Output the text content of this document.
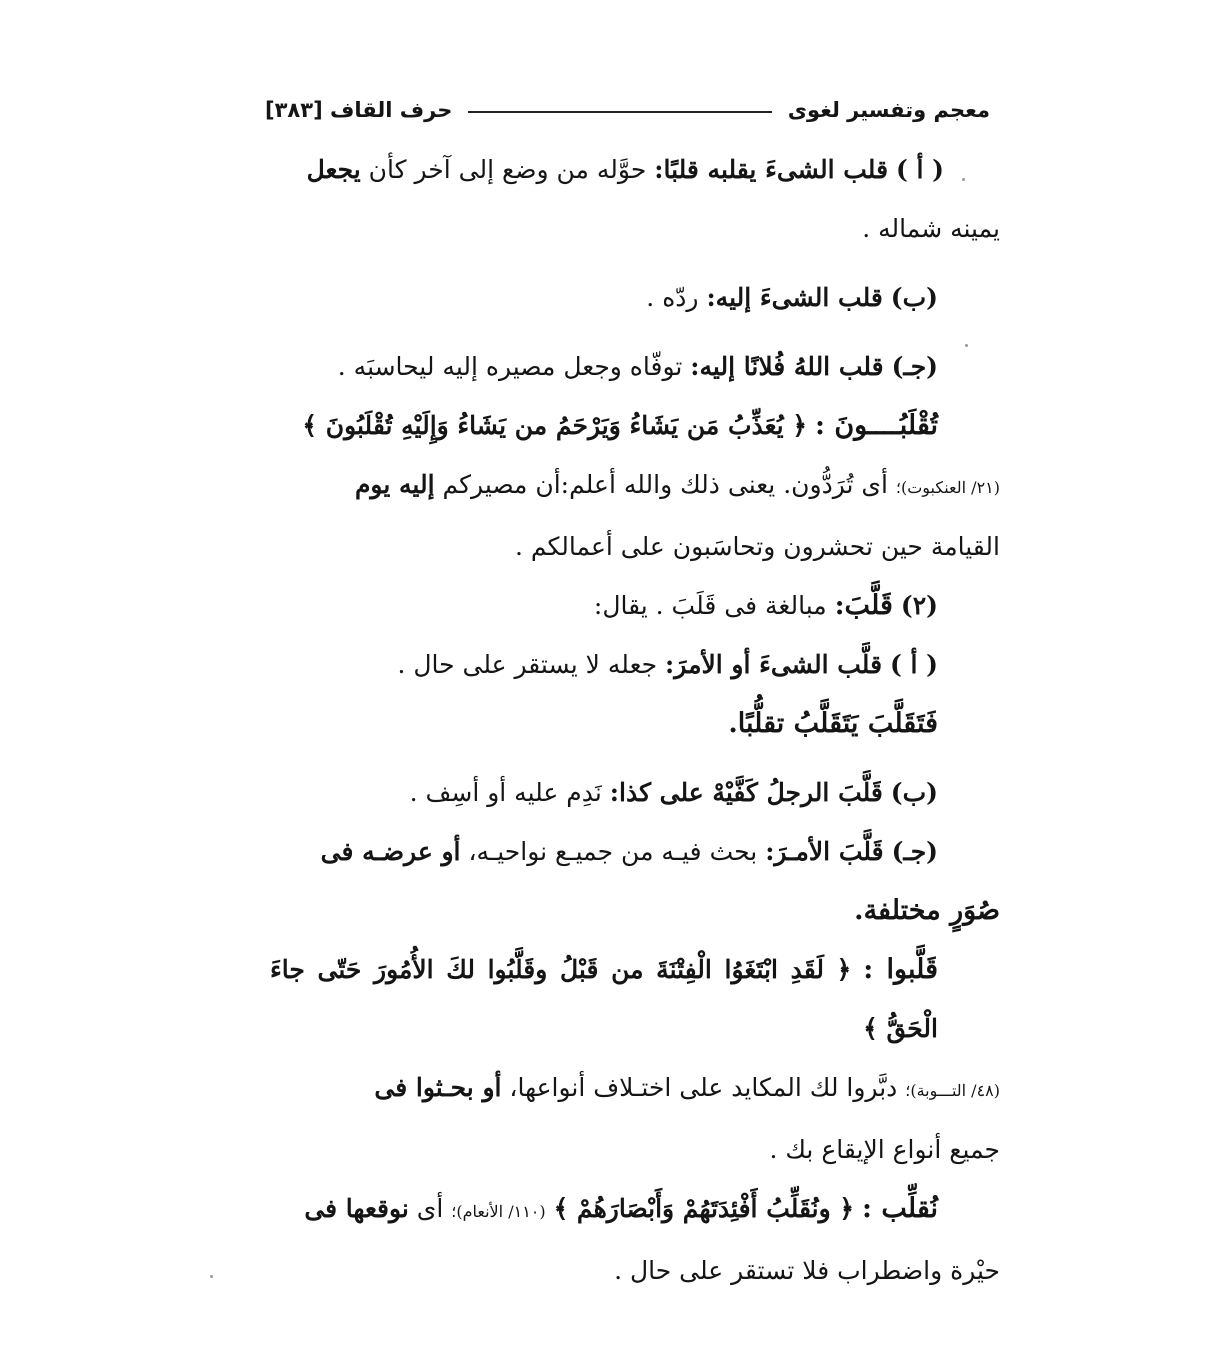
معجم وتفسير لغوى
حرف القاف [٣٨٣]

( أ ) قلب الشىءَ يقلبه قلبًا: حوَّله من وضع إلى آخر كأن يجعل

يمينه شماله .

(ب) قلب الشىءَ إليه: ردّه .

(جـ) قلب اللهُ فُلانًا إليه: توفّاه وجعل مصيره إليه ليحاسبَه .

تُقْلَبُــــونَ : ﴿ يُعَذِّبُ مَن يَشَاءُ وَيَرْحَمُ من يَشَاءُ وَإِلَيْهِ تُقْلَبُونَ ﴾

(٢١/ العنكبوت)؛ أى تُرَدُّون. يعنى ذلك والله أعلم:أن مصيركم إليه يوم

القيامة حين تحشرون وتحاسَبون على أعمالكم .

(٢) قَلَّبَ: مبالغة فى قَلَبَ . يقال:

( أ ) قلَّب الشىءَ أو الأمرَ: جعله لا يستقر على حال .

فَتَقَلَّبَ يَتَقَلَّبُ تقلُّبًا.

(ب) قَلَّبَ الرجلُ كَفَّيْهْ على كذا: نَدِم عليه أو أسِف .

(جـ) قَلَّبَ الأمـرَ: بحث فيـه من جميـع نواحيـه، أو عرضـه فى

صُوَرٍ مختلفة.

قَلَّبوا : ﴿ لَقَدِ ابْتَغَوُا الْفِتْنَةَ من قَبْلُ وقَلَّبُوا لكَ الأُمُورَ حَتّى جاءَ الْحَقُّ ﴾

(٤٨/ التـــوبة)؛ دبَّروا لك المكايد على اختـلاف أنواعها، أو بحـثوا فى

جميع أنواع الإيقاع بك .

نُقلِّب : ﴿ ونُقَلِّبُ أَفْئِدَتَهُمْ وَأَبْصَارَهُمْ ﴾ (١١٠/ الأنعام)؛ أى نوقعها فى

حيْرة واضطراب فلا تستقر على حال .
